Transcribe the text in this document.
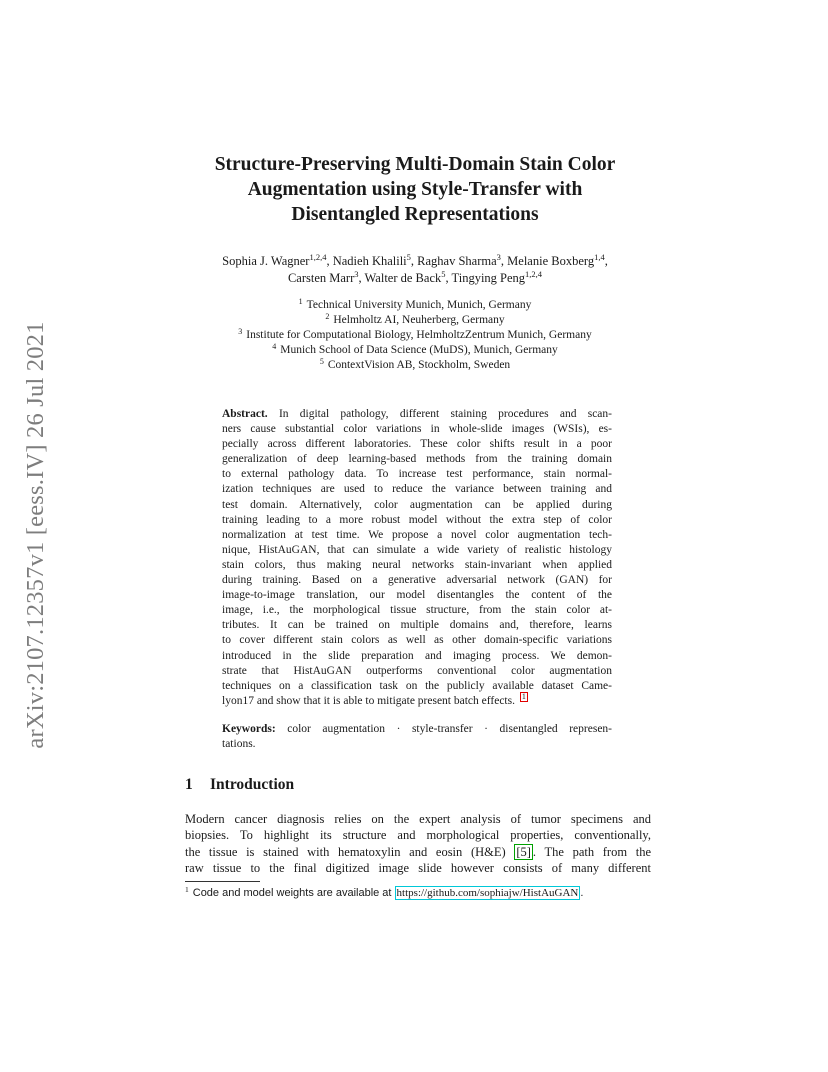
arXiv:2107.12357v1 [eess.IV] 26 Jul 2021
Structure-Preserving Multi-Domain Stain Color
Augmentation using Style-Transfer with
Disentangled Representations
Sophia J. Wagner$^{1,2,4}$, Nadieh Khalili$^5$, Raghav Sharma$^3$, Melanie Boxberg$^{1,4}$,
Carsten Marr$^3$, Walter de Back$^5$, Tingying Peng$^{1,2,4}$
$^1$ Technical University Munich, Munich, Germany
$^2$ Helmholtz AI, Neuherberg, Germany
$^3$ Institute for Computational Biology, HelmholtzZentrum Munich, Germany
$^4$ Munich School of Data Science (MuDS), Munich, Germany
$^5$ ContextVision AB, Stockholm, Sweden
Abstract. In digital pathology, different staining procedures and scan-
ners cause substantial color variations in whole-slide images (WSIs), es-
pecially across different laboratories. These color shifts result in a poor
generalization of deep learning-based methods from the training domain
to external pathology data. To increase test performance, stain normal-
ization techniques are used to reduce the variance between training and
test domain. Alternatively, color augmentation can be applied during
training leading to a more robust model without the extra step of color
normalization at test time. We propose a novel color augmentation tech-
nique, HistAuGAN, that can simulate a wide variety of realistic histology
stain colors, thus making neural networks stain-invariant when applied
during training. Based on a generative adversarial network (GAN) for
image-to-image translation, our model disentangles the content of the
image, i.e., the morphological tissue structure, from the stain color at-
tributes. It can be trained on multiple domains and, therefore, learns
to cover different stain colors as well as other domain-specific variations
introduced in the slide preparation and imaging process. We demon-
strate that HistAuGAN outperforms conventional color augmentation
techniques on a classification task on the publicly available dataset Came-
lyon17 and show that it is able to mitigate present batch effects. 1
Keywords: color augmentation · style-transfer · disentangled represen-
tations.
1 Introduction
Modern cancer diagnosis relies on the expert analysis of tumor specimens and
biopsies. To highlight its structure and morphological properties, conventionally,
the tissue is stained with hematoxylin and eosin (H&E) [5] . The path from the
raw tissue to the final digitized image slide however consists of many different
$^1$ Code and model weights are available at https://github.com/sophiajw/HistAuGAN .
